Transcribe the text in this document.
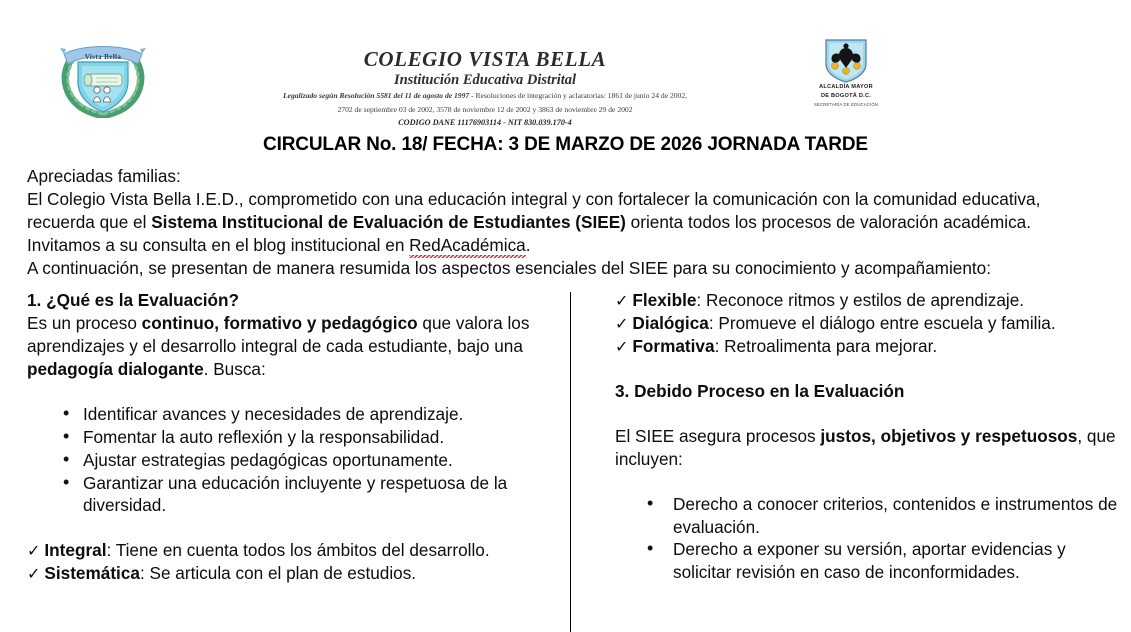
Vista Bella	COLEGIO VISTA BELLA
Institución Educativa Distrital
Legalizado según Resolución 5581 del 11 de agosto de 1997 - Resoluciones de integración y aclaratorias: 1861 de junio 24 de 2002,
2702 de septiembre 03 de 2002, 3578 de noviembre 12 de 2002 y 3863 de noviembre 29 de 2002
CODIGO DANE 11176903114 - NIT 830.039.170-4
ALCALDÍA MAYOR
DE BOGOTÁ D.C.
SECRETARÍA DE EDUCACIÓN
CIRCULAR No. 18/ FECHA: 3 DE MARZO DE 2026 JORNADA TARDE

Apreciadas familias:

El Colegio Vista Bella I.E.D., comprometido con una educación integral y con fortalecer la comunicación con la comunidad educativa,

recuerda que el Sistema Institucional de Evaluación de Estudiantes (SIEE) orienta todos los procesos de valoración académica.

Invitamos a su consulta en el blog institucional en RedAcadémica.

A continuación, se presentan de manera resumida los aspectos esenciales del SIEE para su conocimiento y acompañamiento:

1. ¿Qué es la Evaluación?

Es un proceso continuo, formativo y pedagógico que valora los aprendizajes y el desarrollo integral de cada estudiante, bajo una pedagogía dialogante. Busca:

• Identificar avances y necesidades de aprendizaje.
• Fomentar la auto reflexión y la responsabilidad.
• Ajustar estrategias pedagógicas oportunamente.
• Garantizar una educación incluyente y respetuosa de la diversidad.

✓ Integral: Tiene en cuenta todos los ámbitos del desarrollo.

✓ Sistemática: Se articula con el plan de estudios.

✓ Flexible: Reconoce ritmos y estilos de aprendizaje.

✓ Dialógica: Promueve el diálogo entre escuela y familia.

✓ Formativa: Retroalimenta para mejorar.

3. Debido Proceso en la Evaluación

El SIEE asegura procesos justos, objetivos y respetuosos, que incluyen:

• Derecho a conocer criterios, contenidos e instrumentos de evaluación.
• Derecho a exponer su versión, aportar evidencias y solicitar revisión en caso de inconformidades.
